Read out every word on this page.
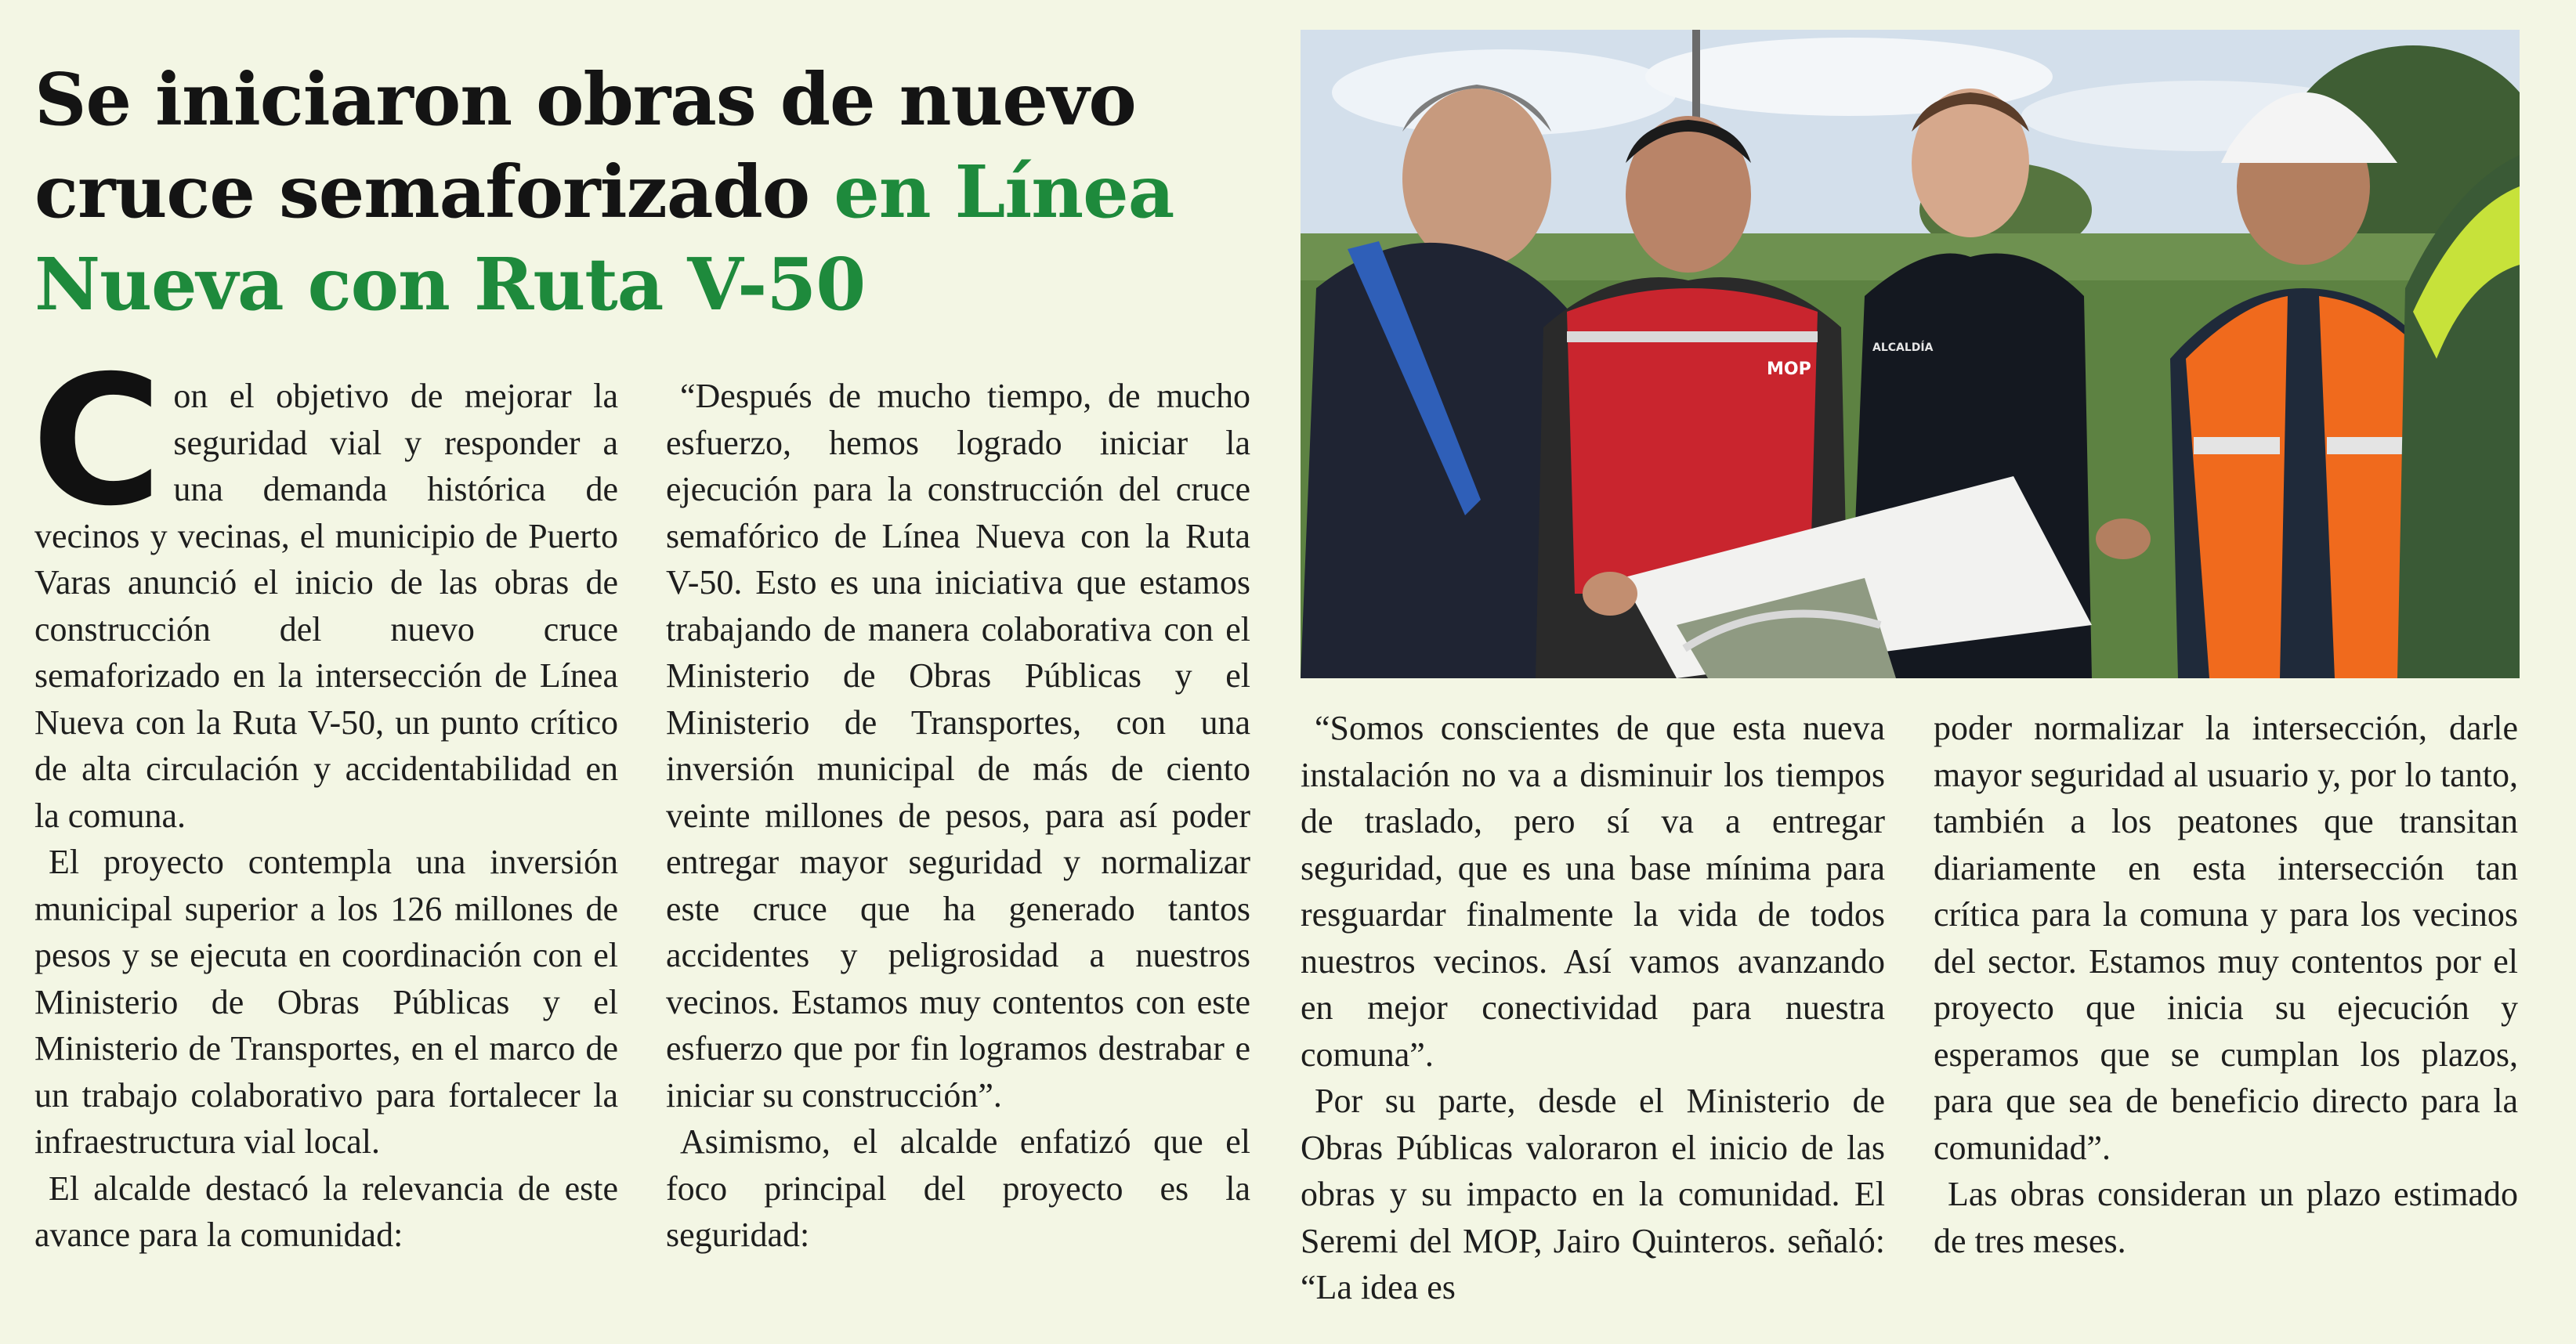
Se iniciaron obras de nuevo cruce semaforizado en Línea Nueva con Ruta V-50
MOP
ALCALDÍA
C on el objetivo de mejorar la seguridad vial y responder a una demanda histórica de vecinos y vecinas, el municipio de Puerto Varas anunció el inicio de las obras de construcción del nuevo cruce semaforizado en la intersección de Línea Nueva con la Ruta V-50, un punto crítico de alta circulación y accidentabilidad en la comuna.

El proyecto contempla una inversión municipal superior a los 126 millones de pesos y se ejecuta en coordinación con el Ministerio de Obras Públicas y el Ministerio de Transportes, en el marco de un trabajo colaborativo para fortalecer la infraestructura vial local.

El alcalde destacó la relevancia de este avance para la comunidad:

“Después de mucho tiempo, de mucho esfuerzo, hemos logrado iniciar la ejecución para la construcción del cruce semafórico de Línea Nueva con la Ruta V-50. Esto es una iniciativa que estamos trabajando de manera colaborativa con el Ministerio de Obras Públicas y el Ministerio de Transportes, con una inversión municipal de más de ciento veinte millones de pesos, para así poder entregar mayor seguridad y normalizar este cruce que ha generado tantos accidentes y peligrosidad a nuestros vecinos. Estamos muy contentos con este esfuerzo que por fin logramos destrabar e iniciar su construcción”.

Asimismo, el alcalde enfatizó que el foco principal del proyecto es la seguridad:

“Somos conscientes de que esta nueva instalación no va a disminuir los tiempos de traslado, pero sí va a entregar seguridad, que es una base mínima para resguardar finalmente la vida de todos nuestros vecinos. Así vamos avanzando en mejor conectividad para nuestra comuna”.

Por su parte, desde el Ministerio de Obras Públicas valoraron el inicio de las obras y su impacto en la comunidad. El Seremi del MOP, Jairo Quinteros. señaló: “La idea es

poder normalizar la intersección, darle mayor seguridad al usuario y, por lo tanto, también a los peatones que transitan diariamente en esta intersección tan crítica para la comuna y para los vecinos del sector. Estamos muy contentos por el proyecto que inicia su ejecución y esperamos que se cumplan los plazos, para que sea de beneficio directo para la comunidad”.

Las obras consideran un plazo estimado de tres meses.
